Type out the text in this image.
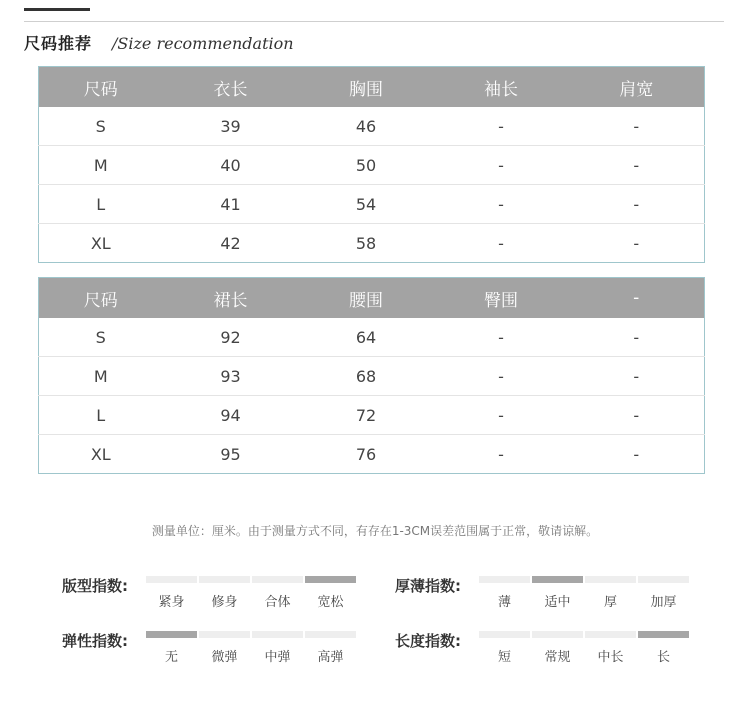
尺码推荐 /Size recommendation
尺码	衣长	胸围	袖长	肩宽
S	39	46	-	-
M	40	50	-	-
L	41	54	-	-
XL	42	58	-	-
尺码	裙长	腰围	臀围	-
S	92	64	-	-
M	93	68	-	-
L	94	72	-	-
XL	95	76	-	-
测量单位：厘米。由于测量方式不同，有存在1-3CM误差范围属于正常，敬请谅解。
版型指数:
紧身	修身	合体	宽松
厚薄指数:
薄	适中	厚	加厚
弹性指数:
无	微弹	中弹	高弹
长度指数:
短	常规	中长	长
